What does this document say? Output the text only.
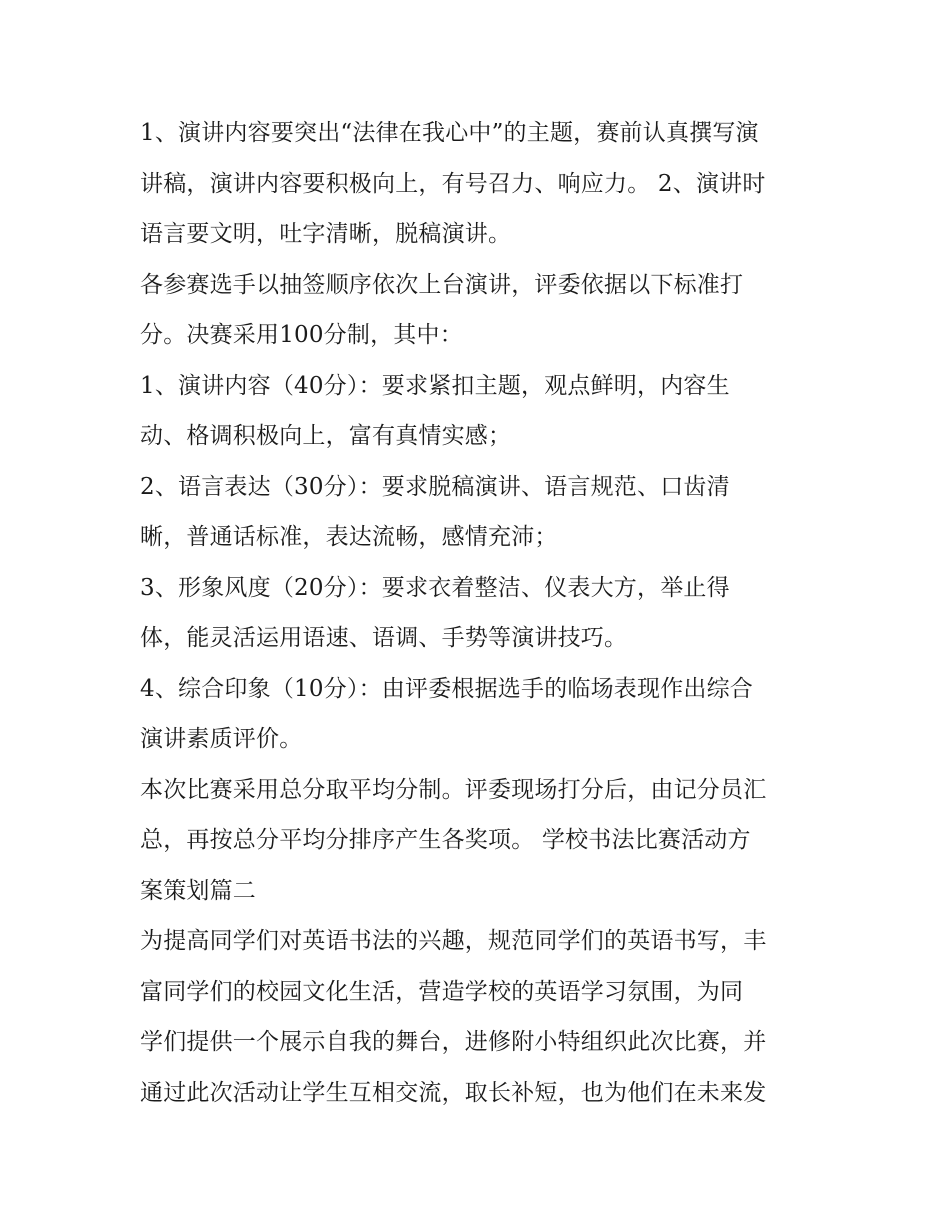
1、演讲内容要突出“法律在我心中”的主题，赛前认真撰写演
讲稿，演讲内容要积极向上，有号召力、响应力。 2、演讲时
语言要文明，吐字清晰，脱稿演讲。
各参赛选手以抽签顺序依次上台演讲，评委依据以下标准打
分。决赛采用100分制，其中：
1、演讲内容（40分）：要求紧扣主题，观点鲜明，内容生
动、格调积极向上，富有真情实感；
2、语言表达（30分）：要求脱稿演讲、语言规范、口齿清
晰，普通话标准，表达流畅，感情充沛；
3、形象风度（20分）：要求衣着整洁、仪表大方，举止得
体，能灵活运用语速、语调、手势等演讲技巧。
4、综合印象（10分）：由评委根据选手的临场表现作出综合
演讲素质评价。
本次比赛采用总分取平均分制。评委现场打分后，由记分员汇
总，再按总分平均分排序产生各奖项。 学校书法比赛活动方
案策划篇二
为提高同学们对英语书法的兴趣，规范同学们的英语书写，丰
富同学们的校园文化生活，营造学校的英语学习氛围，为同
学们提供一个展示自我的舞台，进修附小特组织此次比赛，并
通过此次活动让学生互相交流，取长补短，也为他们在未来发
